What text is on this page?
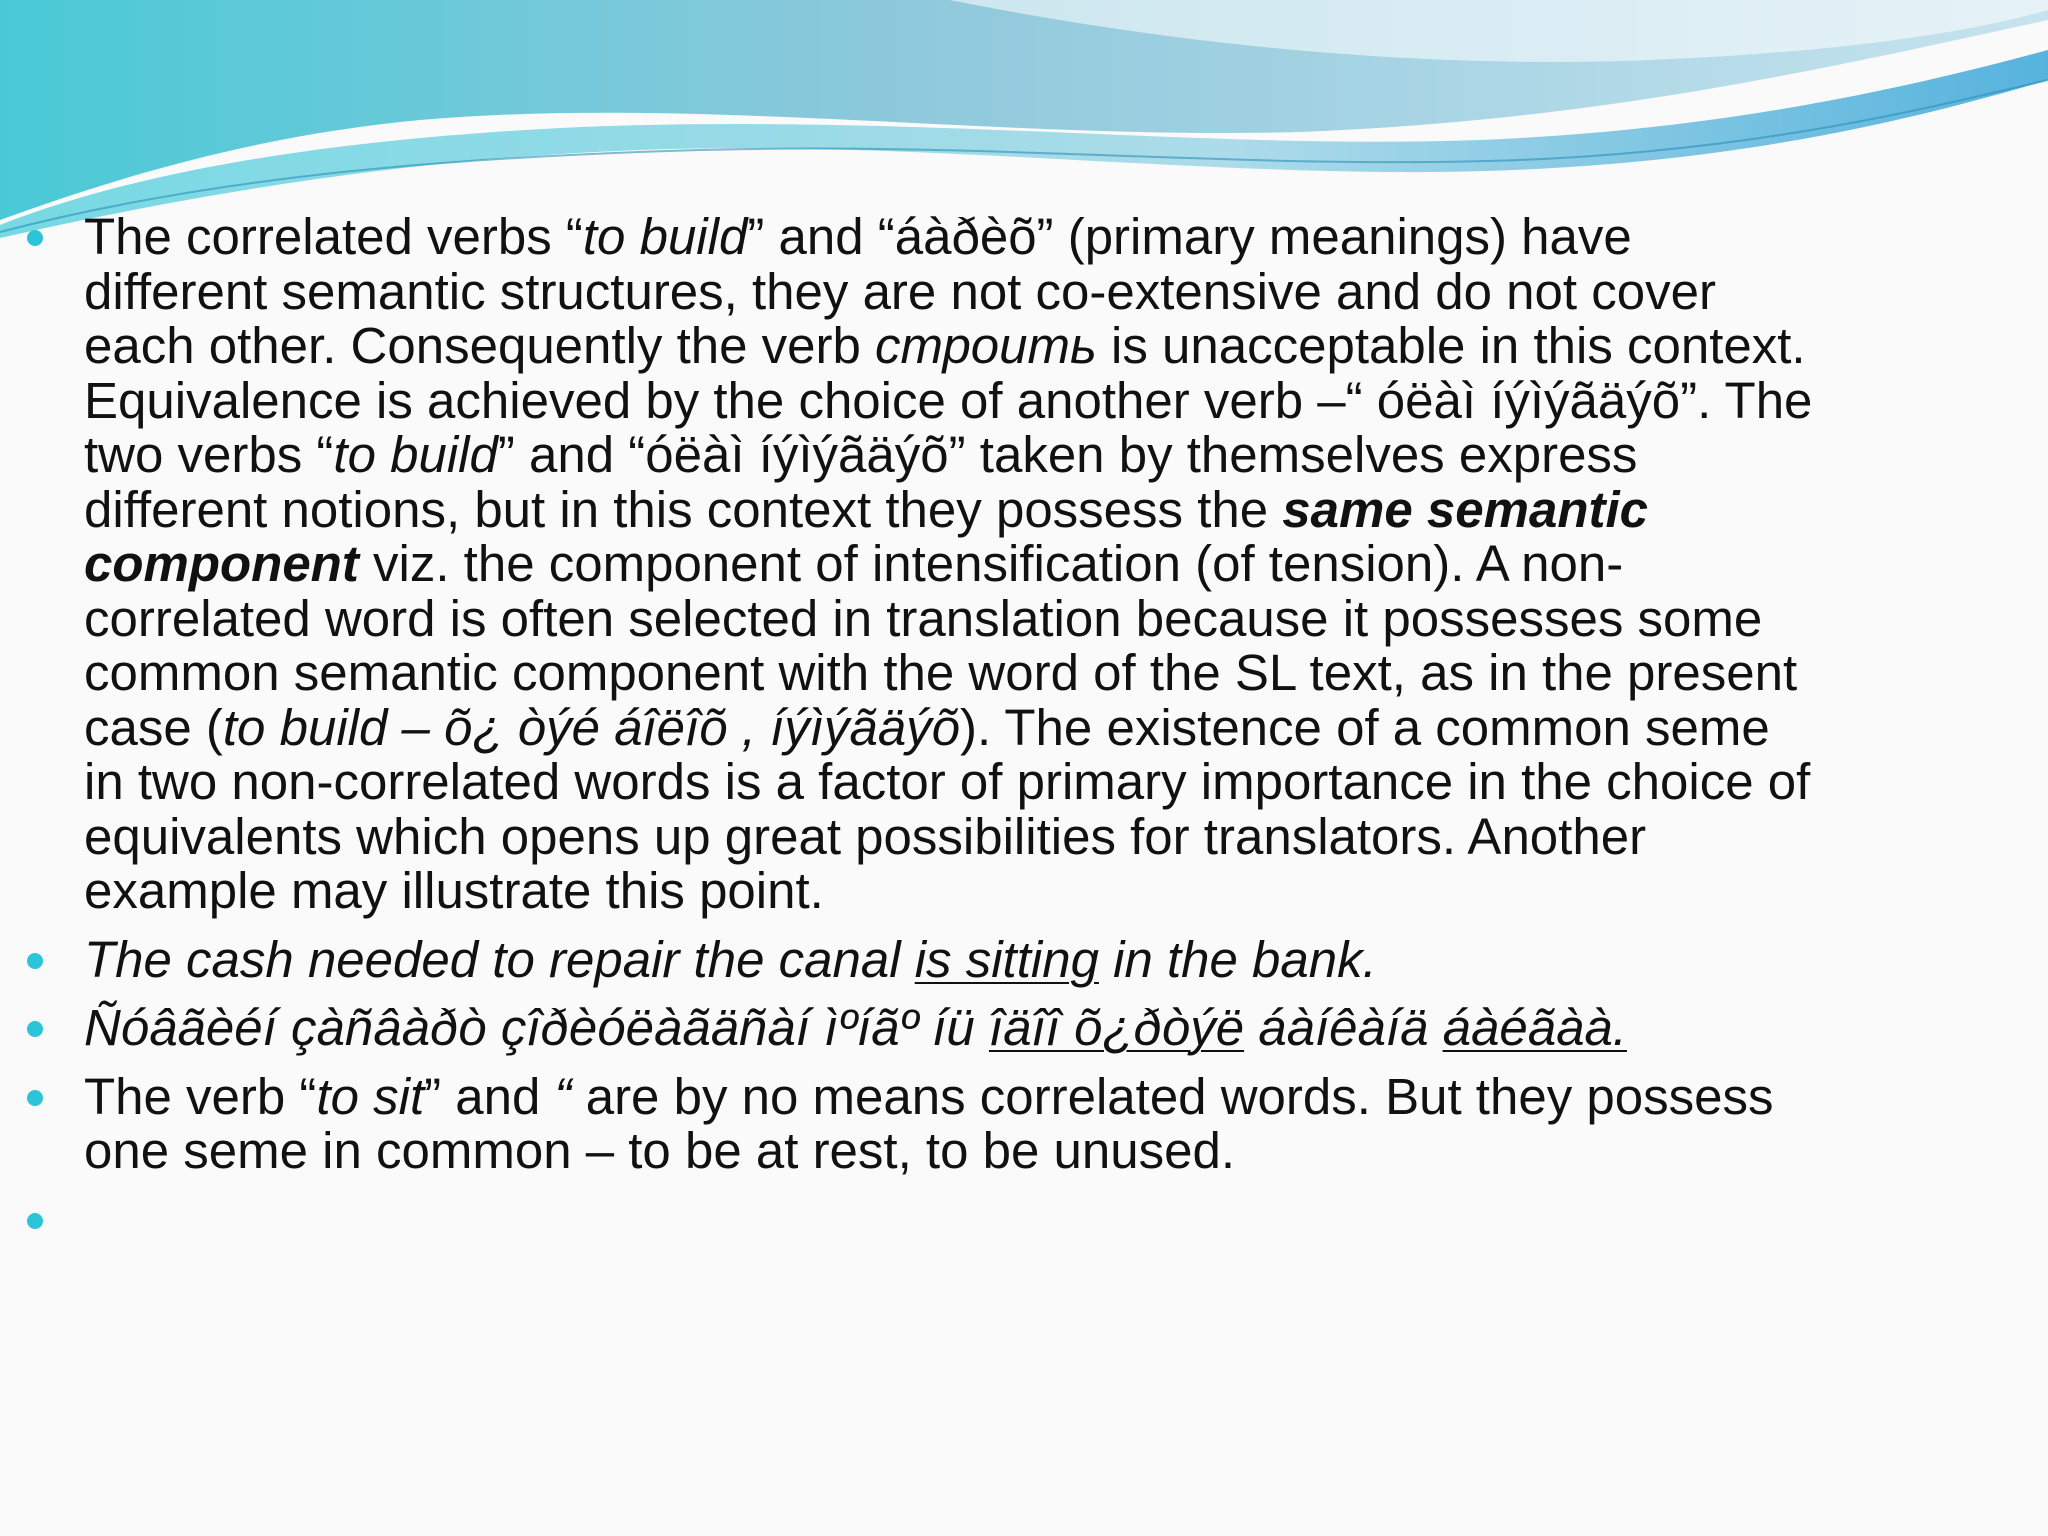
The correlated verbs “to build” and “áàðèõ” (primary meanings) have different semantic structures, they are not co-extensive and do not cover each other. Consequently the verb строить is unacceptable in this context. Equivalence is achieved by the choice of another verb –“ óëàì íýìýãäýõ”. The two verbs “to build” and “óëàì íýìýãäýõ” taken by themselves express different notions, but in this context they possess the same semantic component viz. the component of intensification (of tension). A non-correlated word is often selected in translation because it possesses some common semantic component with the word of the SL text, as in the present case (to build – õ¿ òýé áîëîõ , íýìýãäýõ). The existence of a common seme in two non-correlated words is a factor of primary importance in the choice of equivalents which opens up great possibilities for translators. Another example may illustrate this point.

The cash needed to repair the canal is sitting in the bank.

Ñóâãèéí çàñâàðò çîðèóëàãäñàí ìºíãº íü îäîî õ¿ðòýë áàíêàíä áàéãàà.

The verb “to sit” and “ are by no means correlated words. But they possess one seme in common – to be at rest, to be unused.
